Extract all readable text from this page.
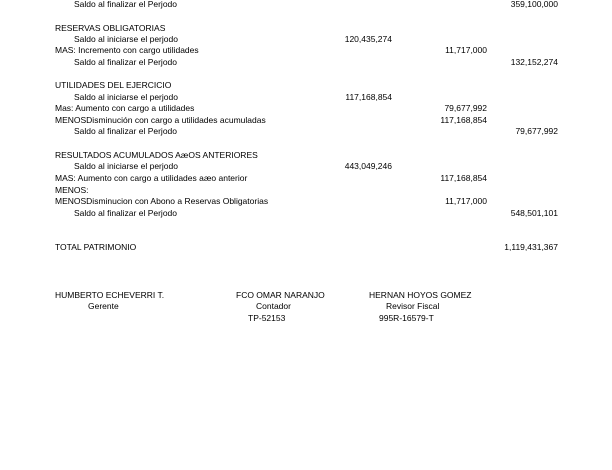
Saldo al finalizar el Perjodo	359,100,000
RESERVAS OBLIGATORIAS
Saldo al iniciarse el perjodo	120,435,274
MAS: Incremento con cargo utilidades	11,717,000
Saldo al finalizar el Perjodo	132,152,274
UTILIDADES DEL EJERCICIO
Saldo al iniciarse el perjodo	117,168,854
Mas: Aumento con cargo a utilidades	79,677,992
MENOSDisminución con cargo a utilidades acumuladas	117,168,854
Saldo al finalizar el Perjodo	79,677,992
RESULTADOS ACUMULADOS AæOS ANTERIORES
Saldo al iniciarse el perjodo	443,049,246
MAS: Aumento con cargo a utilidades aæo anterior	117,168,854
MENOS:
MENOSDisminucion con Abono a Reservas Obligatorias	11,717,000
Saldo al finalizar el Perjodo	548,501,101
TOTAL PATRIMONIO	1,119,431,367
HUMBERTO ECHEVERRI T.
Gerente
FCO OMAR NARANJO
Contador
TP-52153
HERNAN HOYOS GOMEZ
Revisor Fiscal
995R-16579-T
